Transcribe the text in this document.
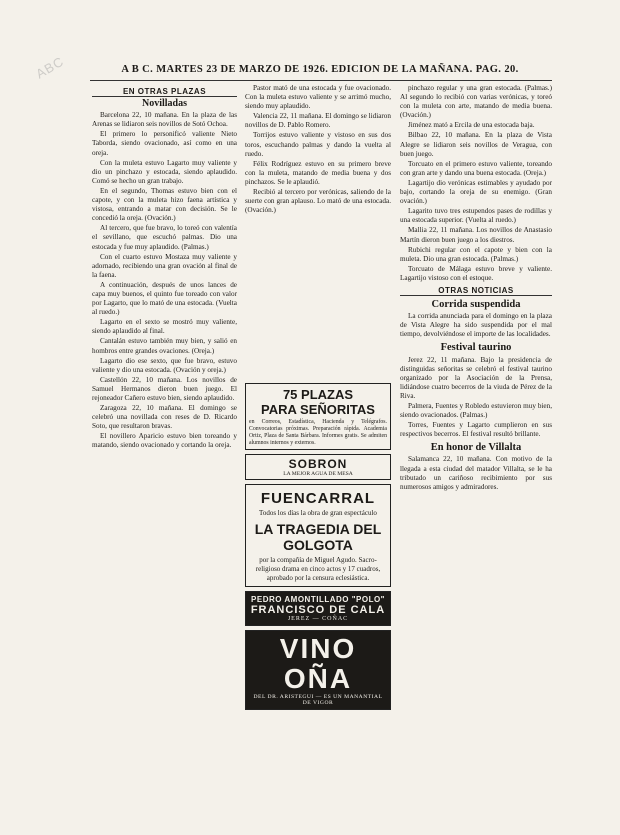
ABC	A B C. MARTES 23 DE MARZO DE 1926. EDICION DE LA MAÑANA. PAG. 20.
EN OTRAS PLAZAS
Novilladas

Barcelona 22, 10 mañana. En la plaza de las Arenas se lidiaron seis novillos de Sotó Ochoa.

El primero lo personificó valiente Nieto Taborda, siendo ovacionado, así como en una oreja.

Con la muleta estuvo Lagarto muy valiente y dio un pinchazo y estocada, siendo aplaudido. Comó se hecho un gran trabajo.

En el segundo, Thomas estuvo bien con el capote, y con la muleta hizo faena artística y vistosa, entrando a matar con decisión. Se le concedió la oreja. (Ovación.)

Al tercero, que fue bravo, lo toreó con valentía el sevillano, que escuchó palmas. Dio una estocada y fue muy aplaudido. (Palmas.)

Con el cuarto estuvo Mostaza muy valiente y adornado, recibiendo una gran ovación al final de la faena.

A continuación, después de unos lances de capa muy buenos, el quinto fue toreado con valor por Lagarto, que lo mató de una estocada. (Vuelta al ruedo.)

Lagarto en el sexto se mostró muy valiente, siendo aplaudido al final.

Cantalán estuvo también muy bien, y salió en hombros entre grandes ovaciones. (Oreja.)

Lagarto dio ese sexto, que fue bravo, estuvo valiente y dio una estocada. (Ovación y oreja.)

Castellón 22, 10 mañana. Los novillos de Samuel Hermanos dieron buen juego. El rejoneador Cañero estuvo bien, siendo aplaudido.

Zaragoza 22, 10 mañana. El domingo se celebró una novillada con reses de D. Ricardo Soto, que resultaron bravas.

El novillero Aparicio estuvo bien toreando y matando, siendo ovacionado y cortando la oreja.

Pastor mató de una estocada y fue ovacionado. Con la muleta estuvo valiente y se arrimó mucho, siendo muy aplaudido.

Valencia 22, 11 mañana. El domingo se lidiaron novillos de D. Pablo Romero.

Torrijos estuvo valiente y vistoso en sus dos toros, escuchando palmas y dando la vuelta al ruedo.

Félix Rodríguez estuvo en su primero breve con la muleta, matando de media buena y dos pinchazos. Se le aplaudió.

Recibió al tercero por verónicas, saliendo de la suerte con gran aplauso. Lo mató de una estocada. (Ovación.)

75 PLAZAS
PARA SEÑORITAS
en Correos, Estadística, Hacienda y Telégrafos. Convocatorias próximas. Preparación rápida. Academia Ortiz, Plaza de Santa Bárbara. Informes gratis. Se admiten alumnos internos y externos.
SOBRON
LA MEJOR AGUA DE MESA
FUENCARRAL
Todos los días la obra de gran espectáculo
LA TRAGEDIA DEL GOLGOTA
por la compañía de Miguel Agudo. Sacro-religioso drama en cinco actos y 17 cuadros, aprobado por la censura eclesiástica.
PEDRO AMONTILLADO "POLO"
FRANCISCO DE CALA
JEREZ — COÑAC
VINO OÑA
DEL DR. ARISTEGUI — ES UN MANANTIAL DE VIGOR

pinchazo regular y una gran estocada. (Palmas.) Al segundo lo recibió con varias verónicas, y toreó con la muleta con arte, matando de media buena. (Ovación.)

Jiménez mató a Ercila de una estocada baja.

Bilbao 22, 10 mañana. En la plaza de Vista Alegre se lidiaron seis novillos de Veragua, con buen juego.

Torcuato en el primero estuvo valiente, toreando con gran arte y dando una buena estocada. (Oreja.)

Lagartijo dio verónicas estimables y ayudado por bajo, cortando la oreja de su enemigo. (Gran ovación.)

Lagarito tuvo tres estupendos pases de rodillas y una estocada superior. (Vuelta al ruedo.)

Mallia 22, 11 mañana. Los novillos de Anastasio Martín dieron buen juego a los diestros.

Rubichi regular con el capote y bien con la muleta. Dio una gran estocada. (Palmas.)

Torcuato de Málaga estuvo breve y valiente. Lagartijo vistoso con el estoque.

OTRAS NOTICIAS
Corrida suspendida

La corrida anunciada para el domingo en la plaza de Vista Alegre ha sido suspendida por el mal tiempo, devolviéndose el importe de las localidades.

Festival taurino

Jerez 22, 11 mañana. Bajo la presidencia de distinguidas señoritas se celebró el festival taurino organizado por la Asociación de la Prensa, lidiándose cuatro becerros de la viuda de Pérez de la Riva.

Palmera, Fuentes y Robledo estuvieron muy bien, siendo ovacionados. (Palmas.)

Torres, Fuentes y Lagarto cumplieron en sus respectivos becerros. El festival resultó brillante.

En honor de Villalta

Salamanca 22, 10 mañana. Con motivo de la llegada a esta ciudad del matador Villalta, se le ha tributado un cariñoso recibimiento por sus numerosos amigos y admiradores.
